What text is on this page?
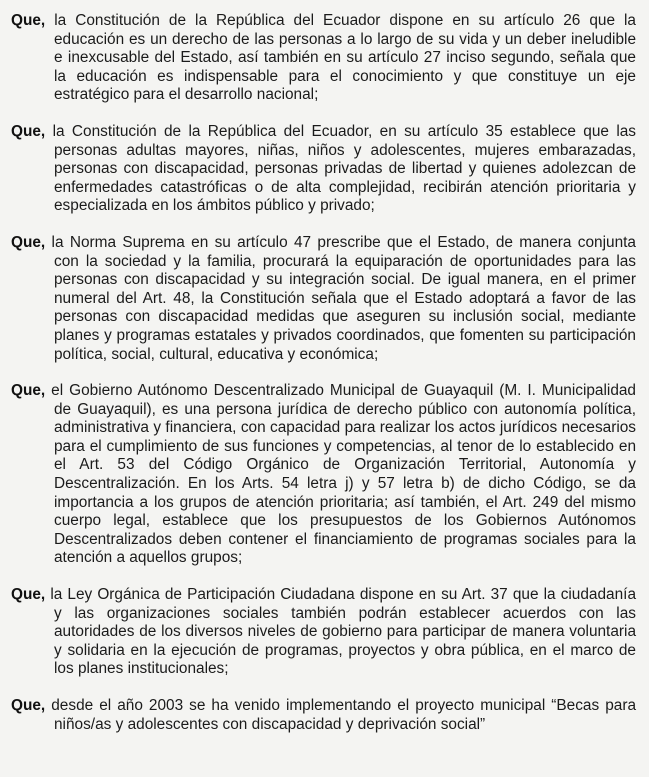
Que, la Constitución de la República del Ecuador dispone en su artículo 26 que la educación es un derecho de las personas a lo largo de su vida y un deber ineludible e inexcusable del Estado, así también en su artículo 27 inciso segundo, señala que la educación es indispensable para el conocimiento y que constituye un eje estratégico para el desarrollo nacional;

Que, la Constitución de la República del Ecuador, en su artículo 35 establece que las personas adultas mayores, niñas, niños y adolescentes, mujeres embarazadas, personas con discapacidad, personas privadas de libertad y quienes adolezcan de enfermedades catastróficas o de alta complejidad, recibirán atención prioritaria y especializada en los ámbitos público y privado;

Que, la Norma Suprema en su artículo 47 prescribe que el Estado, de manera conjunta con la sociedad y la familia, procurará la equiparación de oportunidades para las personas con discapacidad y su integración social. De igual manera, en el primer numeral del Art. 48, la Constitución señala que el Estado adoptará a favor de las personas con discapacidad medidas que aseguren su inclusión social, mediante planes y programas estatales y privados coordinados, que fomenten su participación política, social, cultural, educativa y económica;

Que, el Gobierno Autónomo Descentralizado Municipal de Guayaquil (M. I. Municipalidad de Guayaquil), es una persona jurídica de derecho público con autonomía política, administrativa y financiera, con capacidad para realizar los actos jurídicos necesarios para el cumplimiento de sus funciones y competencias, al tenor de lo establecido en el Art. 53 del Código Orgánico de Organización Territorial, Autonomía y Descentralización. En los Arts. 54 letra j) y 57 letra b) de dicho Código, se da importancia a los grupos de atención prioritaria; así también, el Art. 249 del mismo cuerpo legal, establece que los presupuestos de los Gobiernos Autónomos Descentralizados deben contener el financiamiento de programas sociales para la atención a aquellos grupos;

Que, la Ley Orgánica de Participación Ciudadana dispone en su Art. 37 que la ciudadanía y las organizaciones sociales también podrán establecer acuerdos con las autoridades de los diversos niveles de gobierno para participar de manera voluntaria y solidaria en la ejecución de programas, proyectos y obra pública, en el marco de los planes institucionales;

Que, desde el año 2003 se ha venido implementando el proyecto municipal “Becas para niños/as y adolescentes con discapacidad y deprivación social”
